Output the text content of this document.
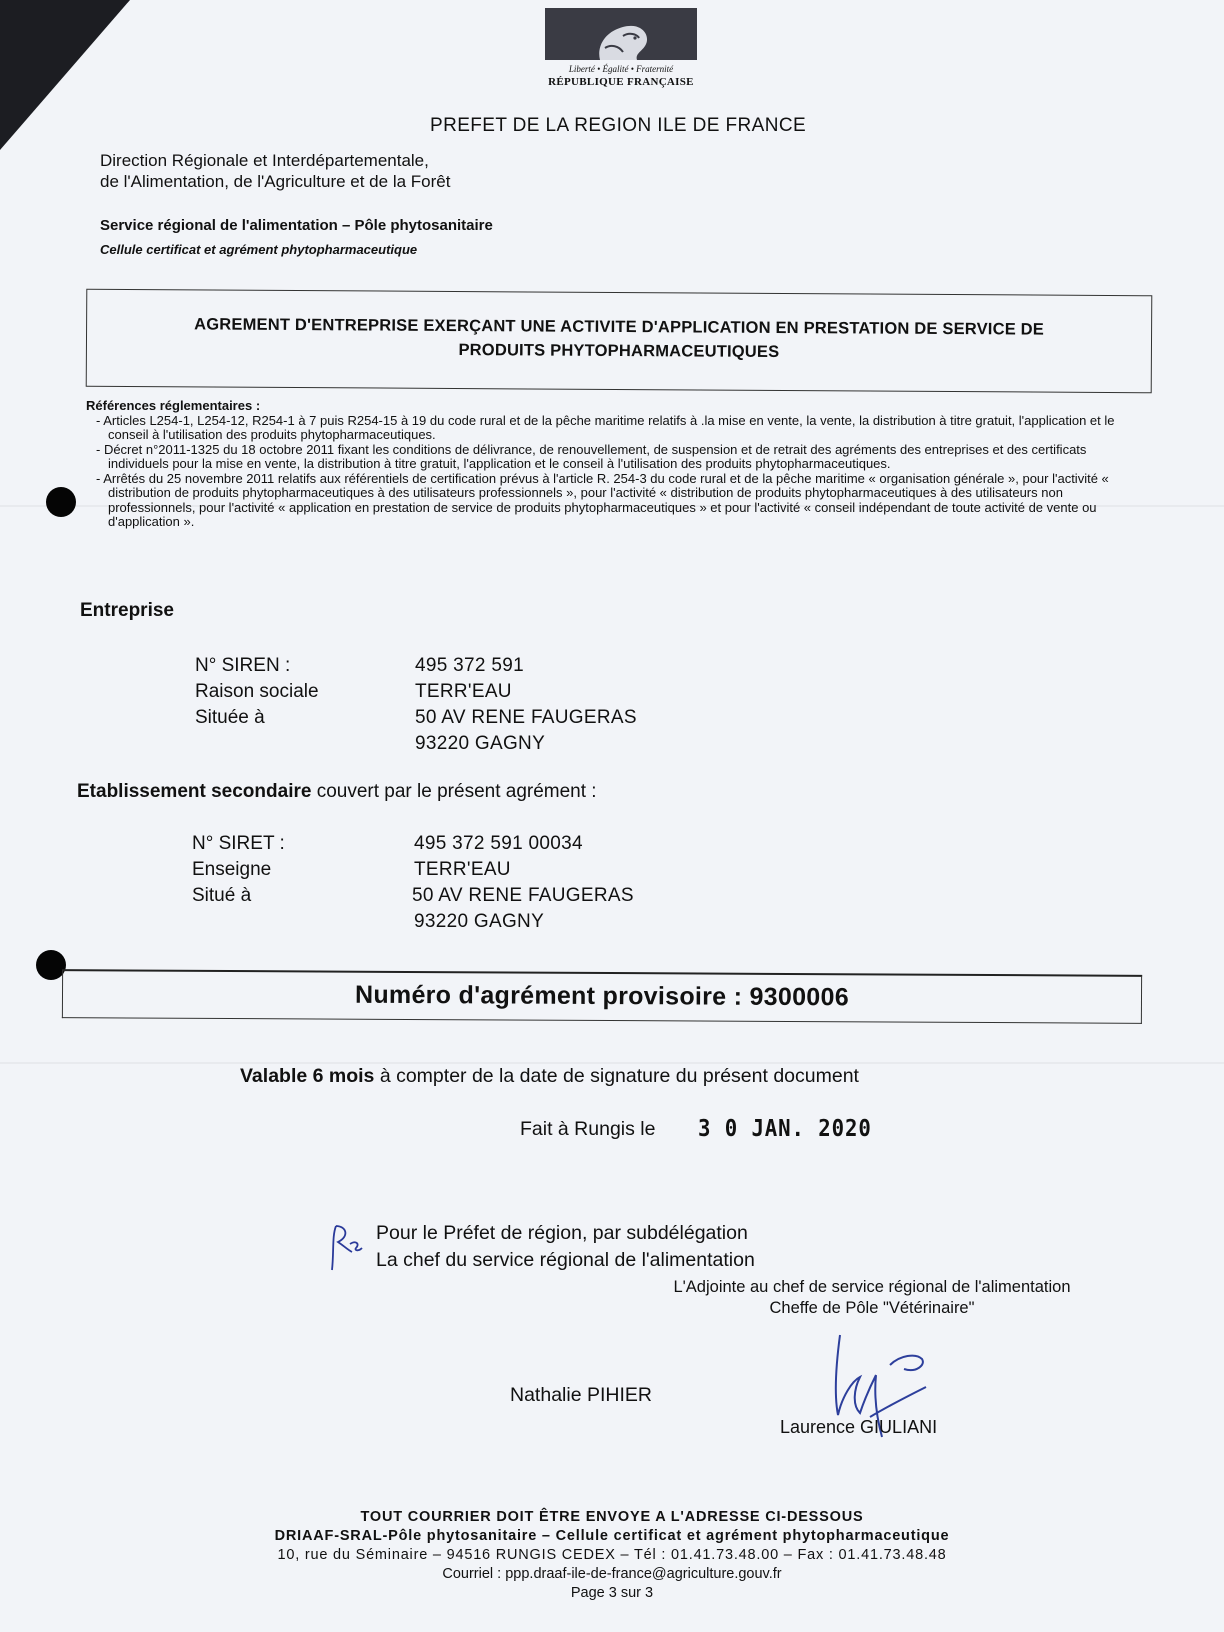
Liberté • Égalité • Fraternité
RÉPUBLIQUE FRANÇAISE
PREFET DE LA REGION ILE DE FRANCE
Direction Régionale et Interdépartementale,
de l'Alimentation, de l'Agriculture et de la Forêt
Service régional de l'alimentation – Pôle phytosanitaire
Cellule certificat et agrément phytopharmaceutique
AGREMENT D'ENTREPRISE EXERÇANT UNE ACTIVITE D'APPLICATION EN PRESTATION DE SERVICE DE
PRODUITS PHYTOPHARMACEUTIQUES

Références réglementaires :

- Articles L254-1, L254-12, R254-1 à 7 puis R254-15 à 19 du code rural et de la pêche maritime relatifs à .la mise en vente, la vente, la distribution à titre gratuit, l'application et le conseil à l'utilisation des produits phytopharmaceutiques.

- Décret n°2011-1325 du 18 octobre 2011 fixant les conditions de délivrance, de renouvellement, de suspension et de retrait des agréments des entreprises et des certificats individuels pour la mise en vente, la distribution à titre gratuit, l'application et le conseil à l'utilisation des produits phytopharmaceutiques.

- Arrêtés du 25 novembre 2011 relatifs aux référentiels de certification prévus à l'article R. 254-3 du code rural et de la pêche maritime « organisation générale », pour l'activité « distribution de produits phytopharmaceutiques à des utilisateurs professionnels », pour l'activité « distribution de produits phytopharmaceutiques à des utilisateurs non professionnels, pour l'activité « application en prestation de service de produits phytopharmaceutiques » et pour l'activité « conseil indépendant de toute activité de vente ou d'application ».

Entreprise
N° SIREN :	495 372 591
Raison sociale	TERR'EAU
Située à	50 AV RENE FAUGERAS
93220 GAGNY
Etablissement secondaire couvert par le présent agrément :
N° SIRET :	495 372 591 00034
Enseigne	TERR'EAU
Situé à	50 AV RENE FAUGERAS
93220 GAGNY
Numéro d'agrément provisoire : 9300006
Valable 6 mois à compter de la date de signature du présent document
Fait à Rungis le 3 0 JAN. 2020
Pour le Préfet de région, par subdélégation
La chef du service régional de l'alimentation
L'Adjointe au chef de service régional de l'alimentation
Cheffe de Pôle "Vétérinaire"
Nathalie PIHIER
Laurence GIULIANI
TOUT COURRIER DOIT ÊTRE ENVOYE A L'ADRESSE CI-DESSOUS
DRIAAF-SRAL-Pôle phytosanitaire – Cellule certificat et agrément phytopharmaceutique
10, rue du Séminaire – 94516 RUNGIS CEDEX – Tél : 01.41.73.48.00 – Fax : 01.41.73.48.48
Courriel : ppp.draaf-ile-de-france@agriculture.gouv.fr
Page 3 sur 3
